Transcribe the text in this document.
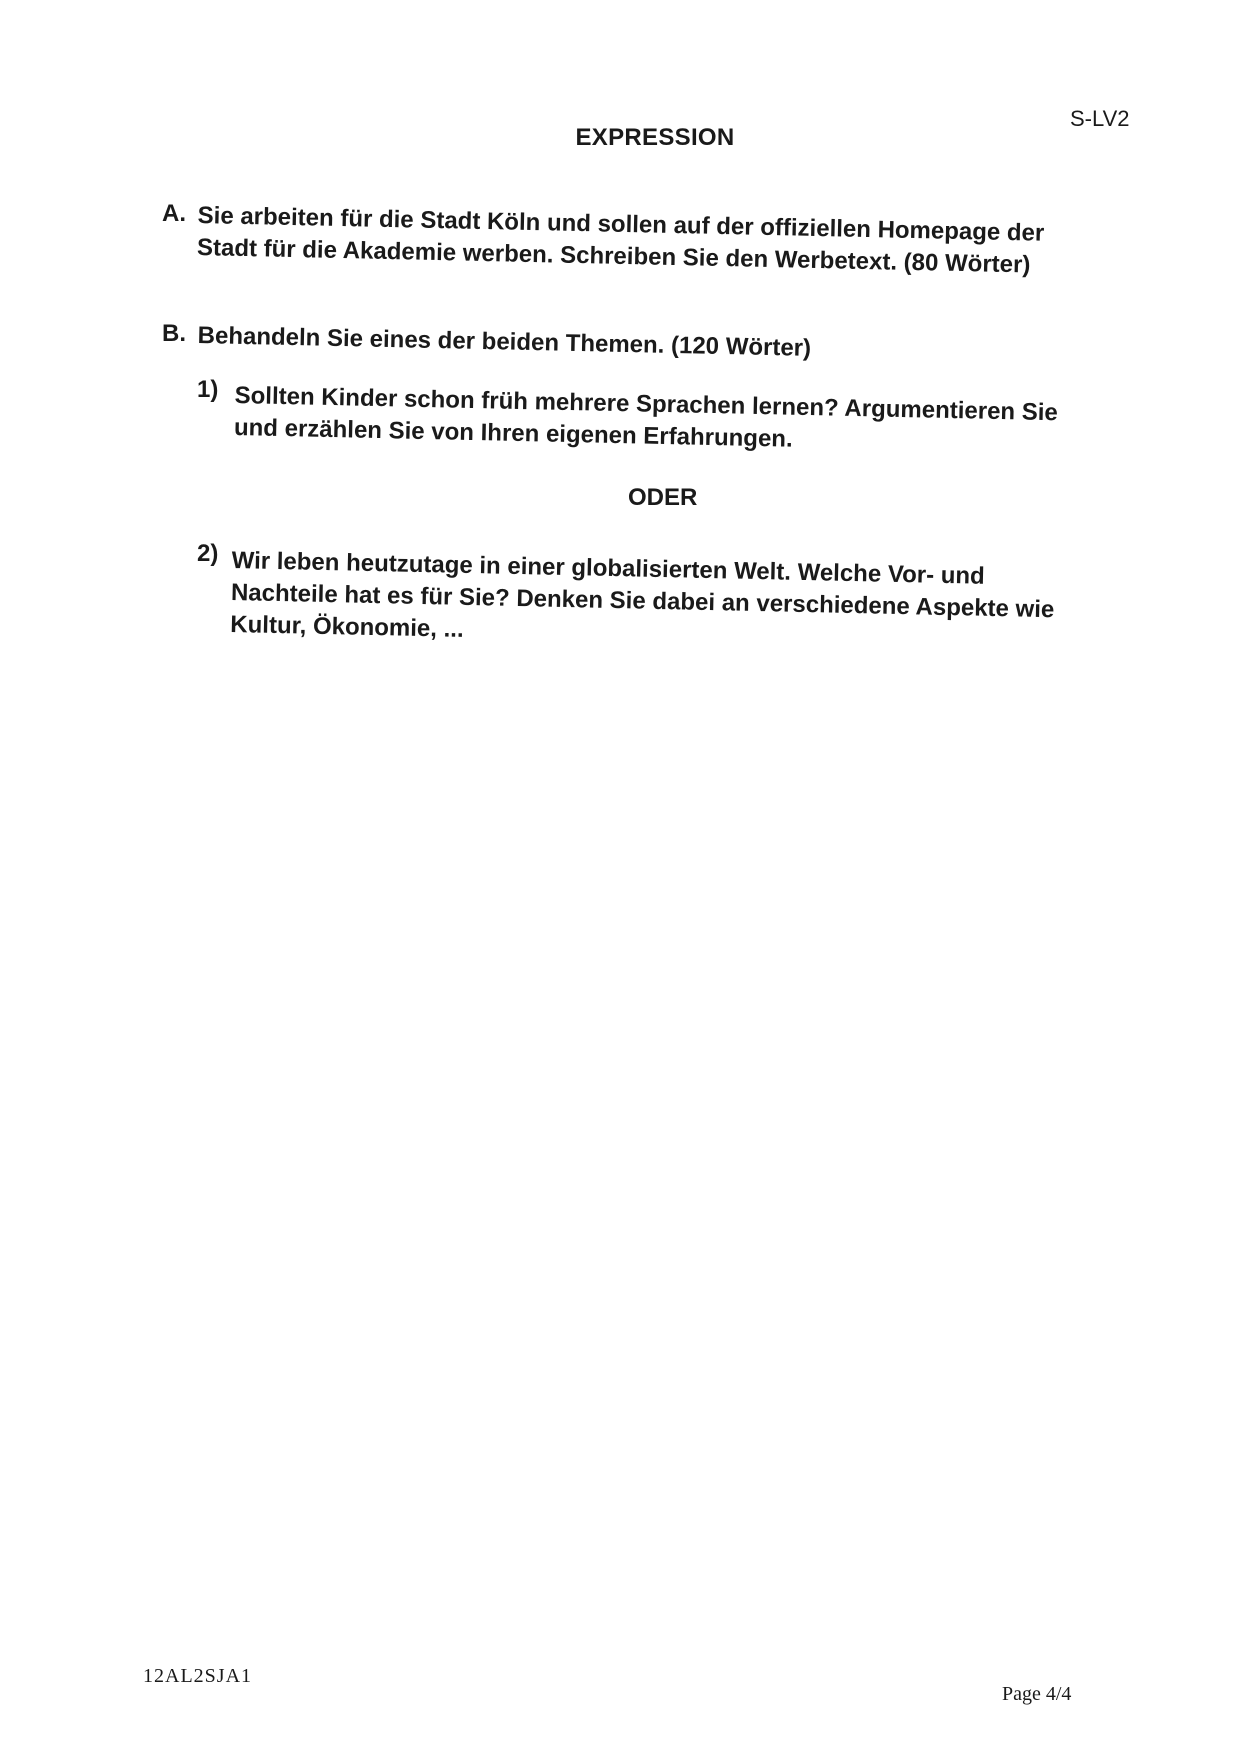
S-LV2
EXPRESSION
A. Sie arbeiten für die Stadt Köln und sollen auf der offiziellen Homepage der Stadt für die Akademie werben. Schreiben Sie den Werbetext. (80 Wörter)
B. Behandeln Sie eines der beiden Themen. (120 Wörter)
1) Sollten Kinder schon früh mehrere Sprachen lernen? Argumentieren Sie und erzählen Sie von Ihren eigenen Erfahrungen.
ODER
2) Wir leben heutzutage in einer globalisierten Welt. Welche Vor- und Nachteile hat es für Sie? Denken Sie dabei an verschiedene Aspekte wie Kultur, Ökonomie, ...
12AL2SJA1
Page 4/4
